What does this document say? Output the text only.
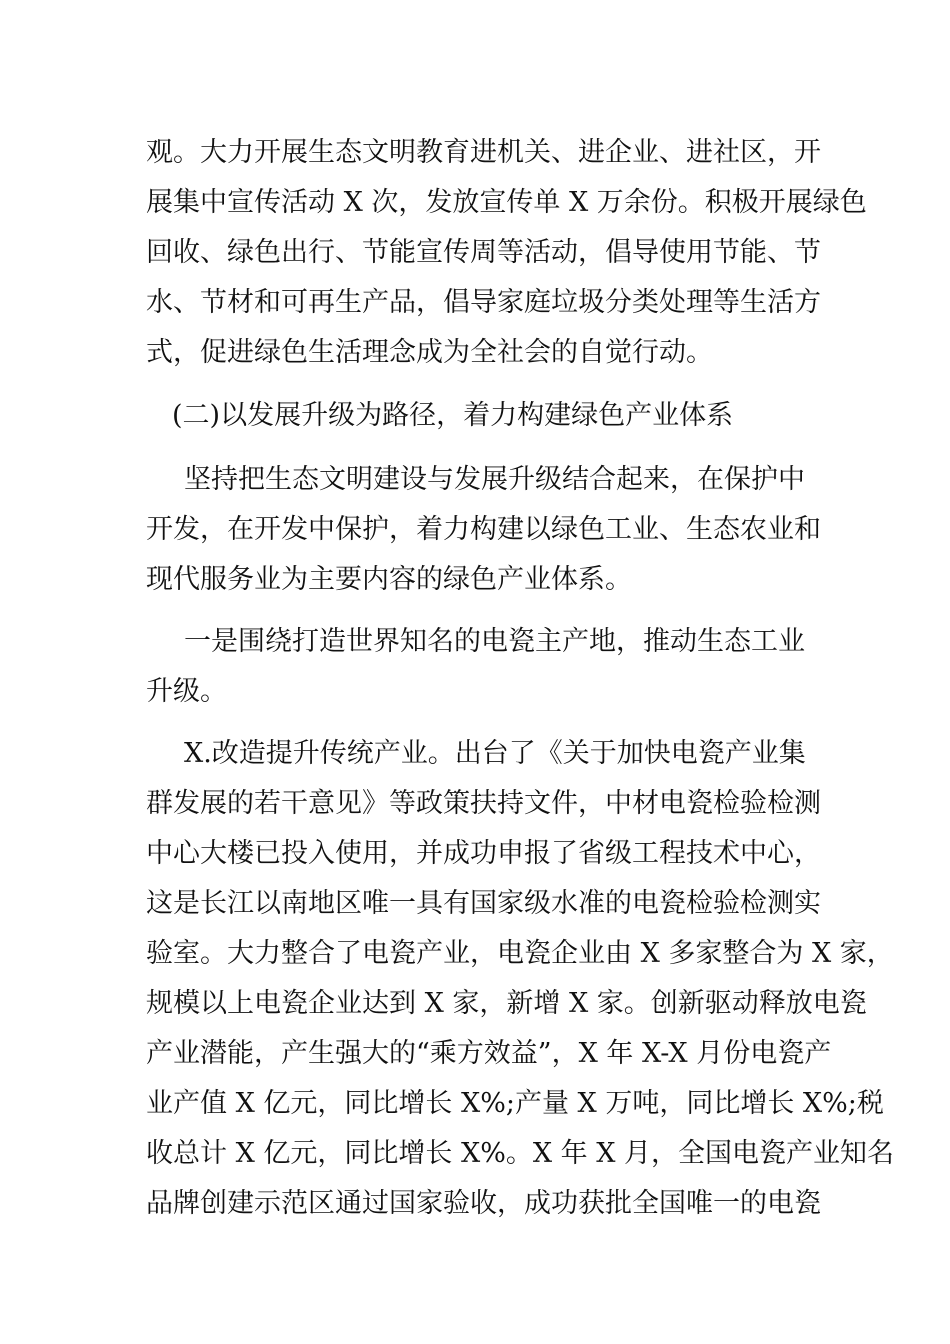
观。大力开展生态文明教育进机关、进企业、进社区，开

展集中宣传活动 X 次，发放宣传单 X 万余份。积极开展绿色

回收、绿色出行、节能宣传周等活动，倡导使用节能、节

水、节材和可再生产品，倡导家庭垃圾分类处理等生活方

式，促进绿色生活理念成为全社会的自觉行动。

(二)以发展升级为路径，着力构建绿色产业体系

坚持把生态文明建设与发展升级结合起来，在保护中

开发，在开发中保护，着力构建以绿色工业、生态农业和

现代服务业为主要内容的绿色产业体系。

一是围绕打造世界知名的电瓷主产地，推动生态工业

升级。

X.改造提升传统产业。出台了《关于加快电瓷产业集

群发展的若干意见》等政策扶持文件，中材电瓷检验检测

中心大楼已投入使用，并成功申报了省级工程技术中心，

这是长江以南地区唯一具有国家级水准的电瓷检验检测实

验室。大力整合了电瓷产业，电瓷企业由 X 多家整合为 X 家，

规模以上电瓷企业达到 X 家，新增 X 家。创新驱动释放电瓷

产业潜能，产生强大的“乘方效益”，X 年 X-X 月份电瓷产

业产值 X 亿元，同比增长 X%;产量 X 万吨，同比增长 X%;税

收总计 X 亿元，同比增长 X%。X 年 X 月，全国电瓷产业知名

品牌创建示范区通过国家验收，成功获批全国唯一的电瓷
